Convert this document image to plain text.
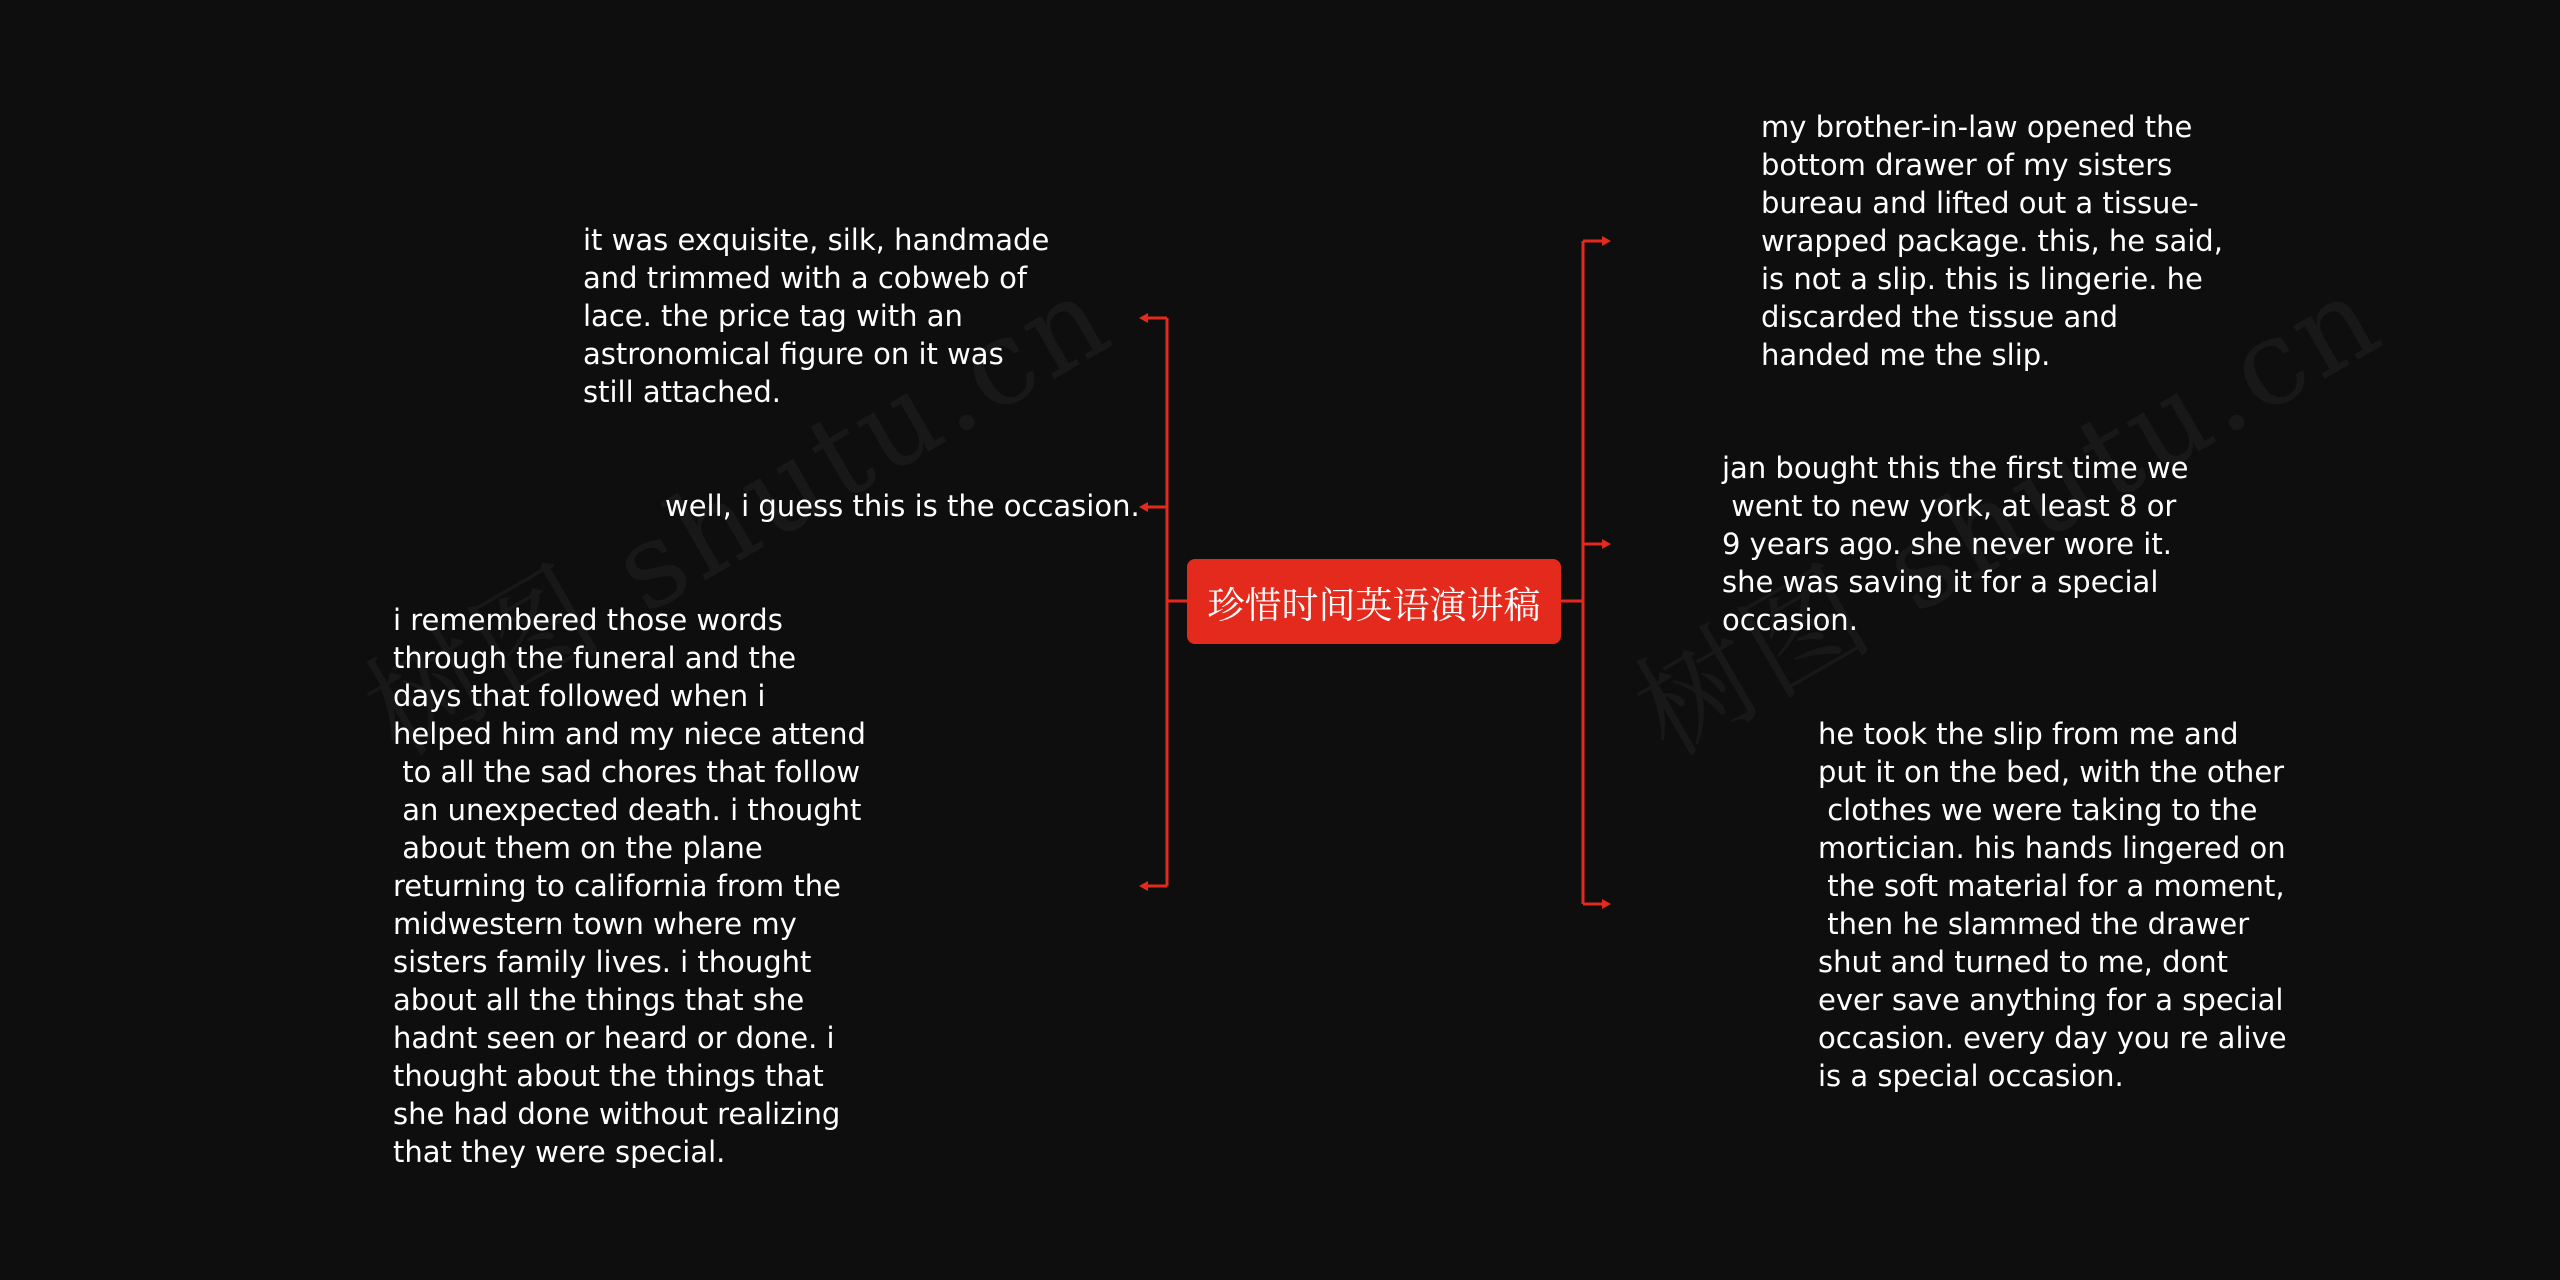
珍惜时间英语演讲稿
it was exquisite, silk, handmade
and trimmed with a cobweb of
lace. the price tag with an
astronomical figure on it was
still attached.
well, i guess this is the occasion.
i remembered those words
through the funeral and the
days that followed when i
helped him and my niece attend
to all the sad chores that follow
an unexpected death. i thought
about them on the plane
returning to california from the
midwestern town where my
sisters family lives. i thought
about all the things that she
hadnt seen or heard or done. i
thought about the things that
she had done without realizing
that they were special.
my brother-in-law opened the
bottom drawer of my sisters
bureau and lifted out a tissue-
wrapped package. this, he said,
is not a slip. this is lingerie. he
discarded the tissue and
handed me the slip.
jan bought this the first time we
went to new york, at least 8 or
9 years ago. she never wore it.
she was saving it for a special
occasion.
he took the slip from me and
put it on the bed, with the other
clothes we were taking to the
mortician. his hands lingered on
the soft material for a moment,
then he slammed the drawer
shut and turned to me, dont
ever save anything for a special
occasion. every day you re alive
is a special occasion.
